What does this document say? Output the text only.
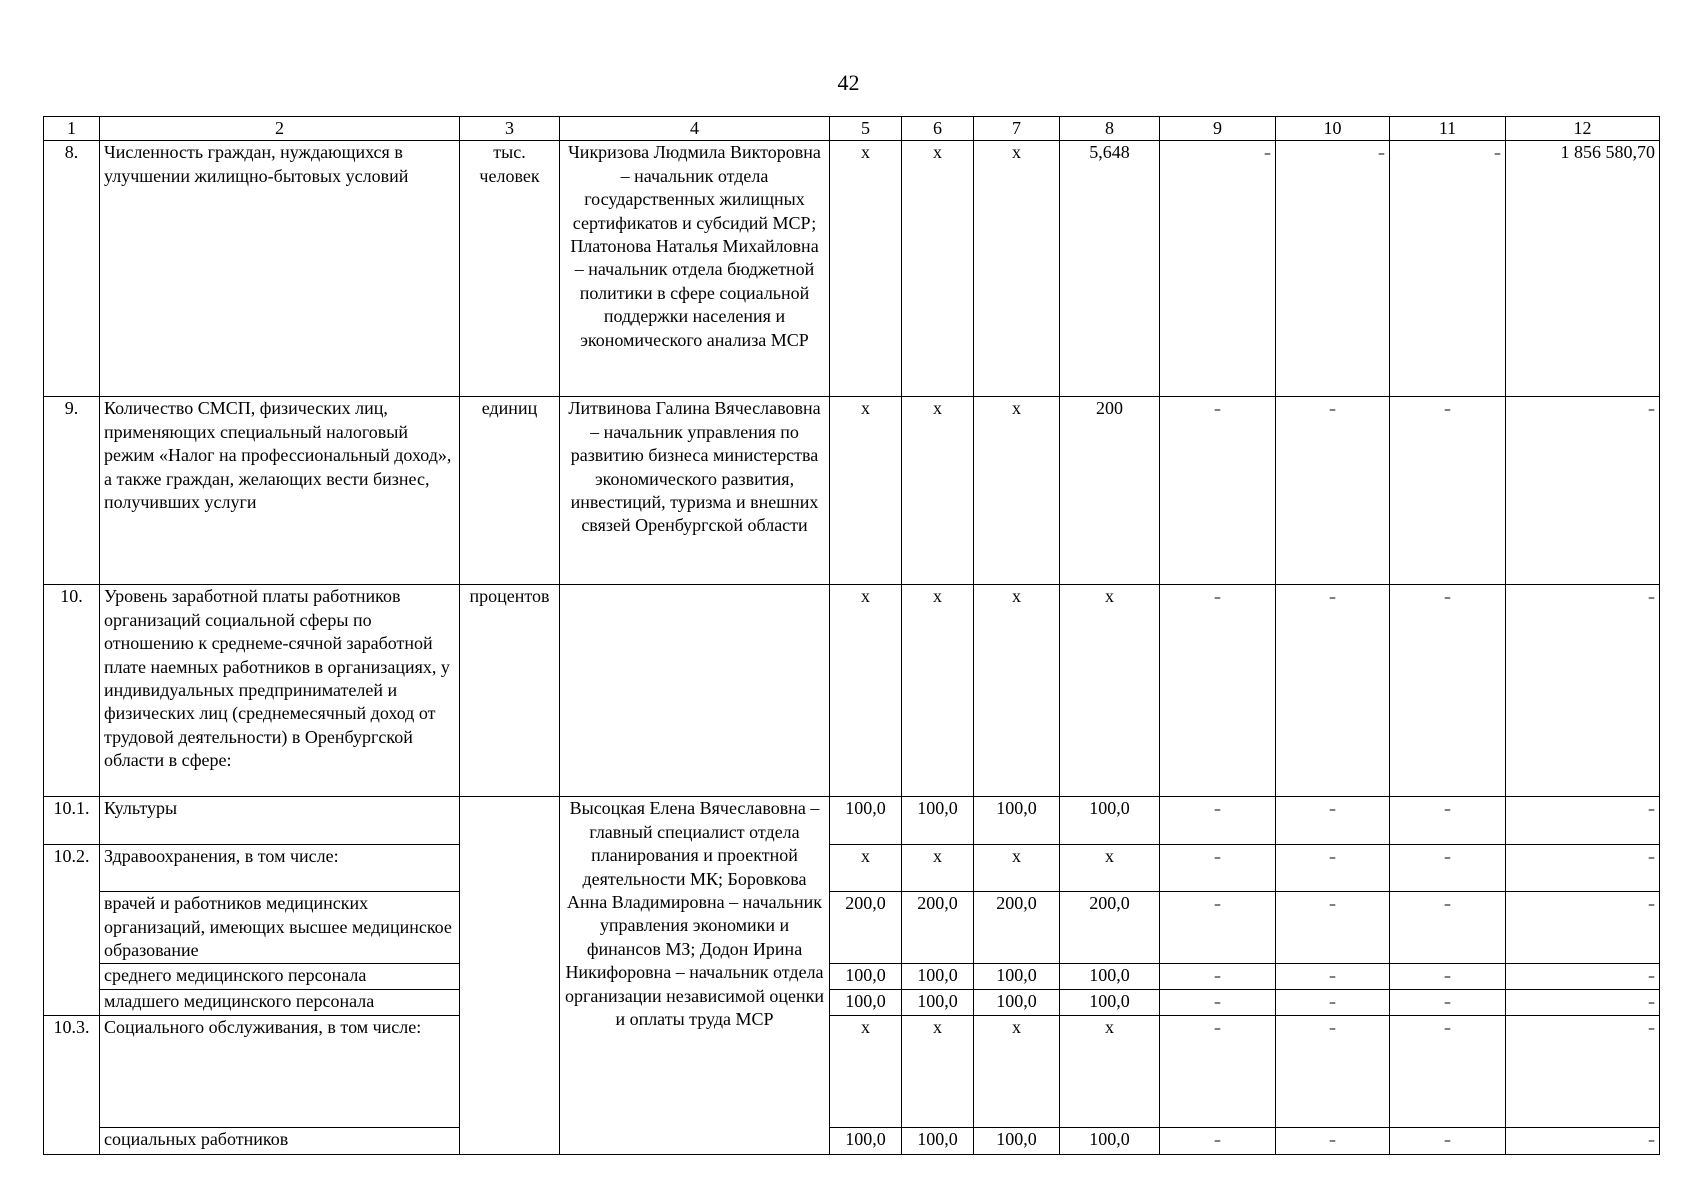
42
1	2	3	4	5	6	7	8	9	10	11	12
8.	Численность граждан, нуждающихся в улучшении жилищно-бытовых условий	тыс. человек	Чикризова Людмила Викторовна – начальник отдела государственных жилищных сертификатов и субсидий МСР; Платонова Наталья Михайловна – начальник отдела бюджетной политики в сфере социальной поддержки населения и экономического анализа МСР	х	х	х	5,648	–	–	–	1 856 580,70
9.	Количество СМСП, физических лиц, применяющих специальный налоговый режим «Налог на профессиональный доход», а также граждан, желающих вести бизнес, получивших услуги	единиц	Литвинова Галина Вячеславовна – начальник управления по развитию бизнеса министерства экономического развития, инвестиций, туризма и внешних связей Оренбургской области	х	х	х	200	–	–	–	–
10.	Уровень заработной платы работников организаций социальной сферы по отношению к среднеме-сячной заработной плате наемных работников в организациях, у индивидуальных предпринимателей и физических лиц (среднемесячный доход от трудовой деятельности) в Оренбургской области в сфере:	процентов		х	х	х	х	–	–	–	–
10.1.	Культуры		Высоцкая Елена Вячеславовна – главный специалист отдела планирования и проектной деятельности МК; Боровкова Анна Владимировна – начальник управления экономики и финансов МЗ; Додон Ирина Никифоровна – начальник отдела организации независимой оценки и оплаты труда МСР	100,0	100,0	100,0	100,0	–	–	–	–
10.2.	Здравоохранения, в том числе:			х	х	х	х	–	–	–	–
	врачей и работников медицинских организаций, имеющих высшее медицинское образование			200,0	200,0	200,0	200,0	–	–	–	–
	среднего медицинского персонала			100,0	100,0	100,0	100,0	–	–	–	–
	младшего медицинского персонала			100,0	100,0	100,0	100,0	–	–	–	–
10.3.	Социального обслуживания, в том числе:			х	х	х	х	–	–	–	–
	социальных работников			100,0	100,0	100,0	100,0	–	–	–	–
